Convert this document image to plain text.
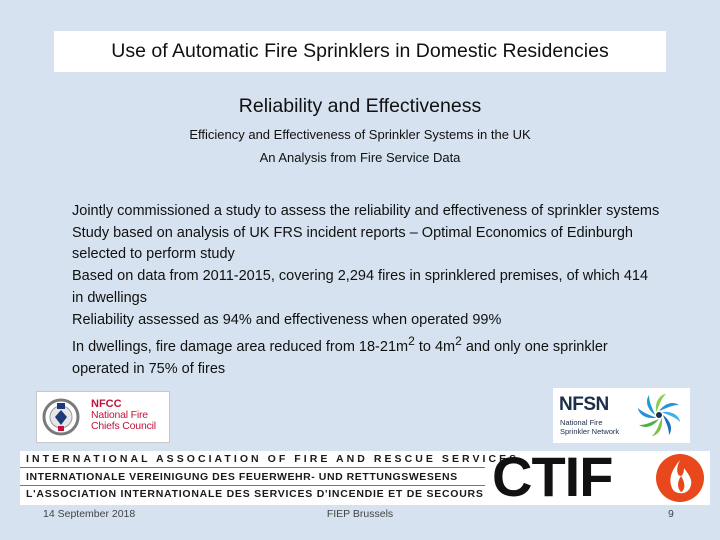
Use of Automatic Fire Sprinklers in Domestic Residencies
Reliability and Effectiveness
Efficiency and Effectiveness of Sprinkler Systems in the UK
An Analysis from Fire Service Data

Jointly commissioned a study to assess the reliability and effectiveness of sprinkler systems

Study based on analysis of UK FRS incident reports – Optimal Economics of Edinburgh selected to perform study

Based on data from 2011-2015, covering 2,294 fires in sprinklered premises, of which 414 in dwellings

Reliability assessed as 94% and effectiveness when operated 99%

In dwellings, fire damage area reduced from $18-21m^2$ to $4m^2$ and only one sprinkler operated in 75% of fires

NFCC
National Fire
Chiefs Council
NFSN
National Fire
Sprinkler Network
INTERNATIONAL ASSOCIATION OF FIRE AND RESCUE SERVICES
INTERNATIONALE VEREINIGUNG DES FEUERWEHR- UND RETTUNGSWESENS
L'ASSOCIATION INTERNATIONALE DES SERVICES D'INCENDIE ET DE SECOURS CTIF
14 September 2018	FIEP Brussels	9
